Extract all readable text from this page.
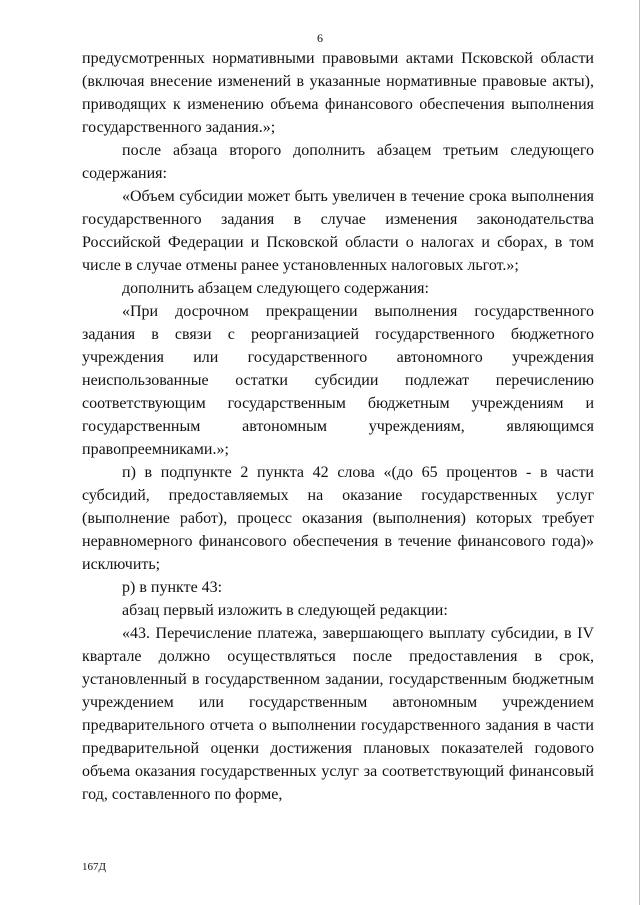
6

предусмотренных нормативными правовыми актами Псковской области (включая внесение изменений в указанные нормативные правовые акты), приводящих к изменению объема финансового обеспечения выполнения государственного задания.»;

после абзаца второго дополнить абзацем третьим следующего содержания:

«Объем субсидии может быть увеличен в течение срока выполнения государственного задания в случае изменения законодательства Российской Федерации и Псковской области о налогах и сборах, в том числе в случае отмены ранее установленных налоговых льгот.»;

дополнить абзацем следующего содержания:

«При досрочном прекращении выполнения государственного задания в связи с реорганизацией государственного бюджетного учреждения или государственного автономного учреждения неиспользованные остатки субсидии подлежат перечислению соответствующим государственным бюджетным учреждениям и государственным автономным учреждениям, являющимся правопреемниками.»;

п) в подпункте 2 пункта 42 слова «(до 65 процентов - в части субсидий, предоставляемых на оказание государственных услуг (выполнение работ), процесс оказания (выполнения) которых требует неравномерного финансового обеспечения в течение финансового года)» исключить;

р) в пункте 43:

абзац первый изложить в следующей редакции:

«43. Перечисление платежа, завершающего выплату субсидии, в IV квартале должно осуществляться после предоставления в срок, установленный в государственном задании, государственным бюджетным учреждением или государственным автономным учреждением предварительного отчета о выполнении государственного задания в части предварительной оценки достижения плановых показателей годового объема оказания государственных услуг за соответствующий финансовый год, составленного по форме,

167Д
